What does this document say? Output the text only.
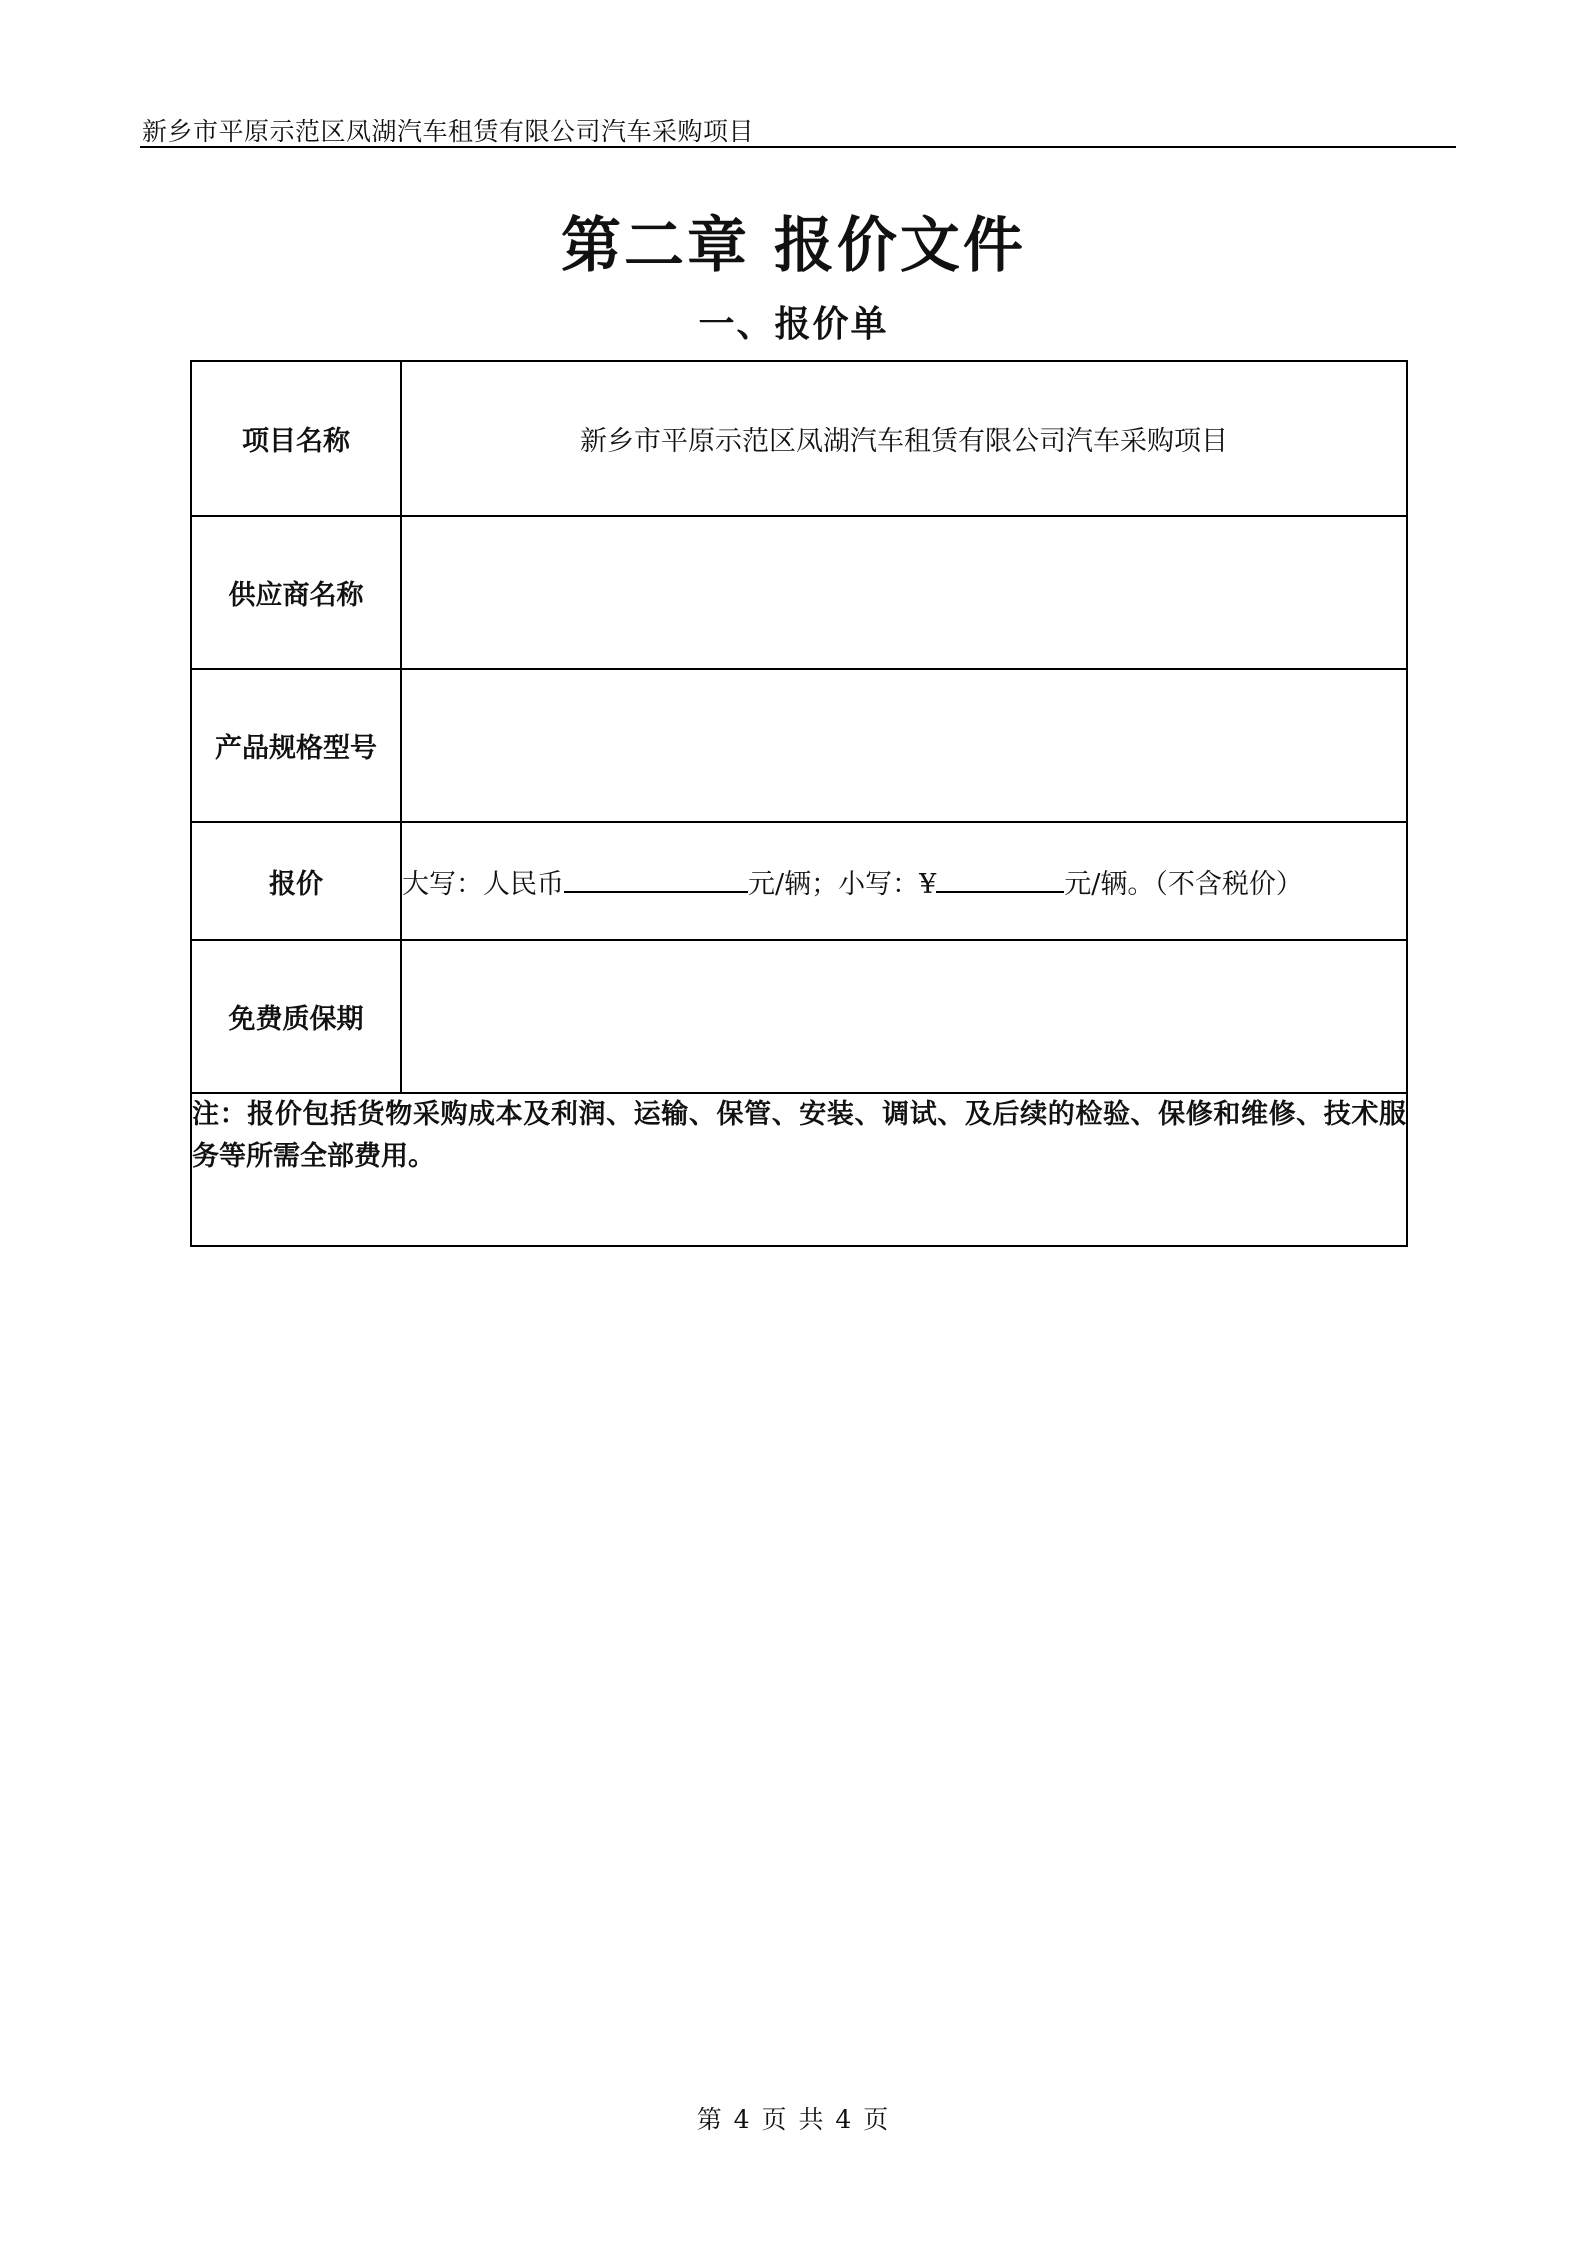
新乡市平原示范区凤湖汽车租赁有限公司汽车采购项目
第二章 报价文件
一、报价单
项目名称	新乡市平原示范区凤湖汽车租赁有限公司汽车采购项目
供应商名称	
产品规格型号	
报价	大写：人民币 元/辆；小写：¥ 元/辆。（不含税价）
免费质保期	
注：报价包括货物采购成本及利润、运输、保管、安装、调试、及后续的检验、保修和维修、技术服务等所需全部费用。	
第 4 页 共 4 页
